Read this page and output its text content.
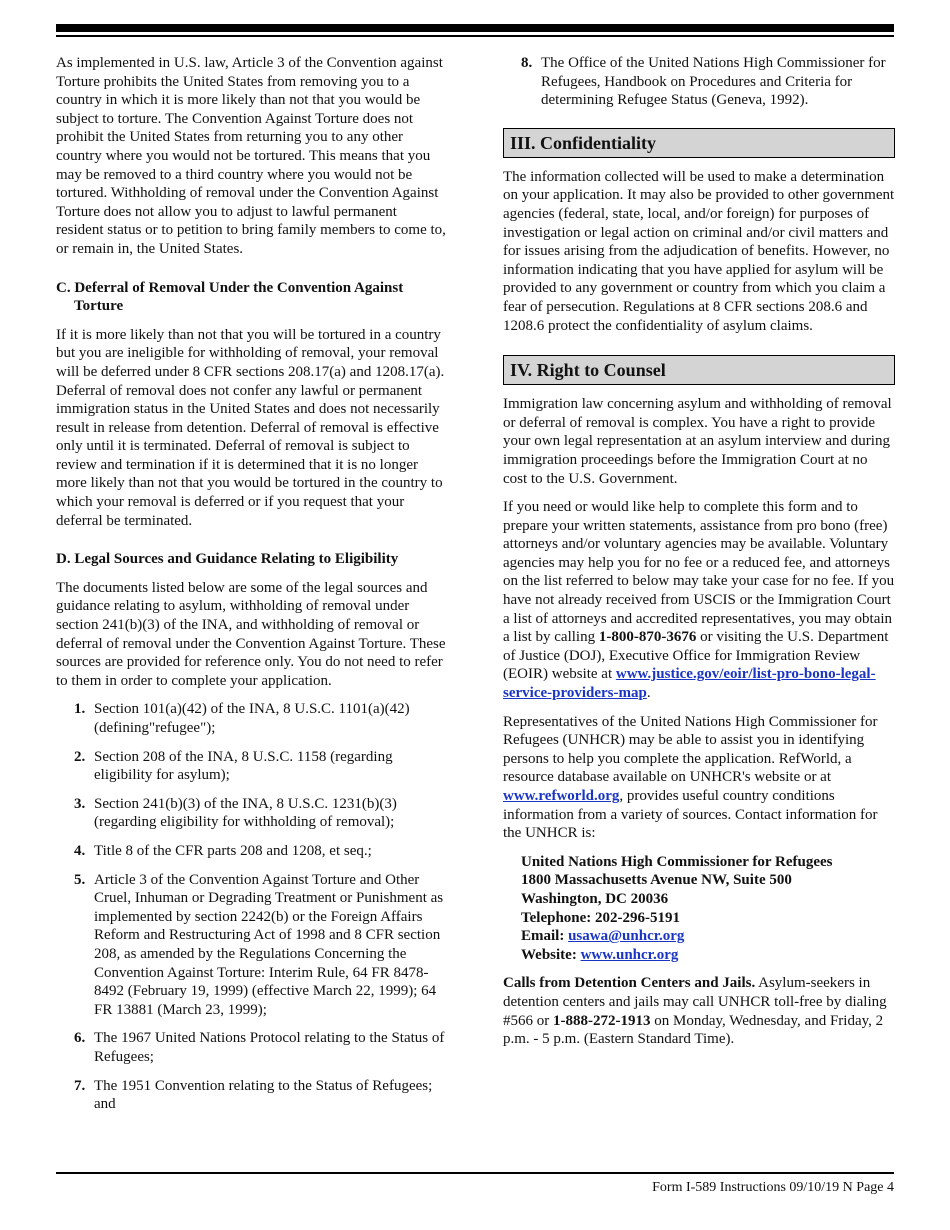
As implemented in U.S. law, Article 3 of the Convention against Torture prohibits the United States from removing you to a country in which it is more likely than not that you would be subject to torture. The Convention Against Torture does not prohibit the United States from returning you to any other country where you would not be tortured. This means that you may be removed to a third country where you would not be tortured. Withholding of removal under the Convention Against Torture does not allow you to adjust to lawful permanent resident status or to petition to bring family members to come to, or remain in, the United States.

C. Deferral of Removal Under the Convention Against Torture

If it is more likely than not that you will be tortured in a country but you are ineligible for withholding of removal, your removal will be deferred under 8 CFR sections 208.17(a) and 1208.17(a). Deferral of removal does not confer any lawful or permanent immigration status in the United States and does not necessarily result in release from detention. Deferral of removal is effective only until it is terminated. Deferral of removal is subject to review and termination if it is determined that it is no longer more likely than not that you would be tortured in the country to which your removal is deferred or if you request that your deferral be terminated.

D. Legal Sources and Guidance Relating to Eligibility

The documents listed below are some of the legal sources and guidance relating to asylum, withholding of removal under section 241(b)(3) of the INA, and withholding of removal or deferral of removal under the Convention Against Torture. These sources are provided for reference only. You do not need to refer to them in order to complete your application.

1. Section 101(a)(42) of the INA, 8 U.S.C. 1101(a)(42) (defining"refugee");
2. Section 208 of the INA, 8 U.S.C. 1158 (regarding eligibility for asylum);
3. Section 241(b)(3) of the INA, 8 U.S.C. 1231(b)(3) (regarding eligibility for withholding of removal);
4. Title 8 of the CFR parts 208 and 1208, et seq.;
5. Article 3 of the Convention Against Torture and Other Cruel, Inhuman or Degrading Treatment or Punishment as implemented by section 2242(b) or the Foreign Affairs Reform and Restructuring Act of 1998 and 8 CFR section 208, as amended by the Regulations Concerning the Convention Against Torture: Interim Rule, 64 FR 8478-8492 (February 19, 1999) (effective March 22, 1999); 64 FR 13881 (March 23, 1999);
6. The 1967 United Nations Protocol relating to the Status of Refugees;
7. The 1951 Convention relating to the Status of Refugees; and
8. The Office of the United Nations High Commissioner for Refugees, Handbook on Procedures and Criteria for determining Refugee Status (Geneva, 1992).
III. Confidentiality

The information collected will be used to make a determination on your application. It may also be provided to other government agencies (federal, state, local, and/or foreign) for purposes of investigation or legal action on criminal and/or civil matters and for issues arising from the adjudication of benefits. However, no information indicating that you have applied for asylum will be provided to any government or country from which you claim a fear of persecution. Regulations at 8 CFR sections 208.6 and 1208.6 protect the confidentiality of asylum claims.

IV. Right to Counsel

Immigration law concerning asylum and withholding of removal or deferral of removal is complex. You have a right to provide your own legal representation at an asylum interview and during immigration proceedings before the Immigration Court at no cost to the U.S. Government.

If you need or would like help to complete this form and to prepare your written statements, assistance from pro bono (free) attorneys and/or voluntary agencies may be available. Voluntary agencies may help you for no fee or a reduced fee, and attorneys on the list referred to below may take your case for no fee. If you have not already received from USCIS or the Immigration Court a list of attorneys and accredited representatives, you may obtain a list by calling 1-800-870-3676 or visiting the U.S. Department of Justice (DOJ), Executive Office for Immigration Review (EOIR) website at www.justice.gov/eoir/list-pro-bono-legal-service-providers-map.

Representatives of the United Nations High Commissioner for Refugees (UNHCR) may be able to assist you in identifying persons to help you complete the application. RefWorld, a resource database available on UNHCR's website or at www.refworld.org, provides useful country conditions information from a variety of sources. Contact information for the UNHCR is:

United Nations High Commissioner for Refugees
1800 Massachusetts Avenue NW, Suite 500
Washington, DC 20036
Telephone: 202-296-5191
Email: usawa@unhcr.org
Website: www.unhcr.org

Calls from Detention Centers and Jails. Asylum-seekers in detention centers and jails may call UNHCR toll-free by dialing #566 or 1-888-272-1913 on Monday, Wednesday, and Friday, 2 p.m. - 5 p.m. (Eastern Standard Time).

Form I-589 Instructions 09/10/19 N Page 4
